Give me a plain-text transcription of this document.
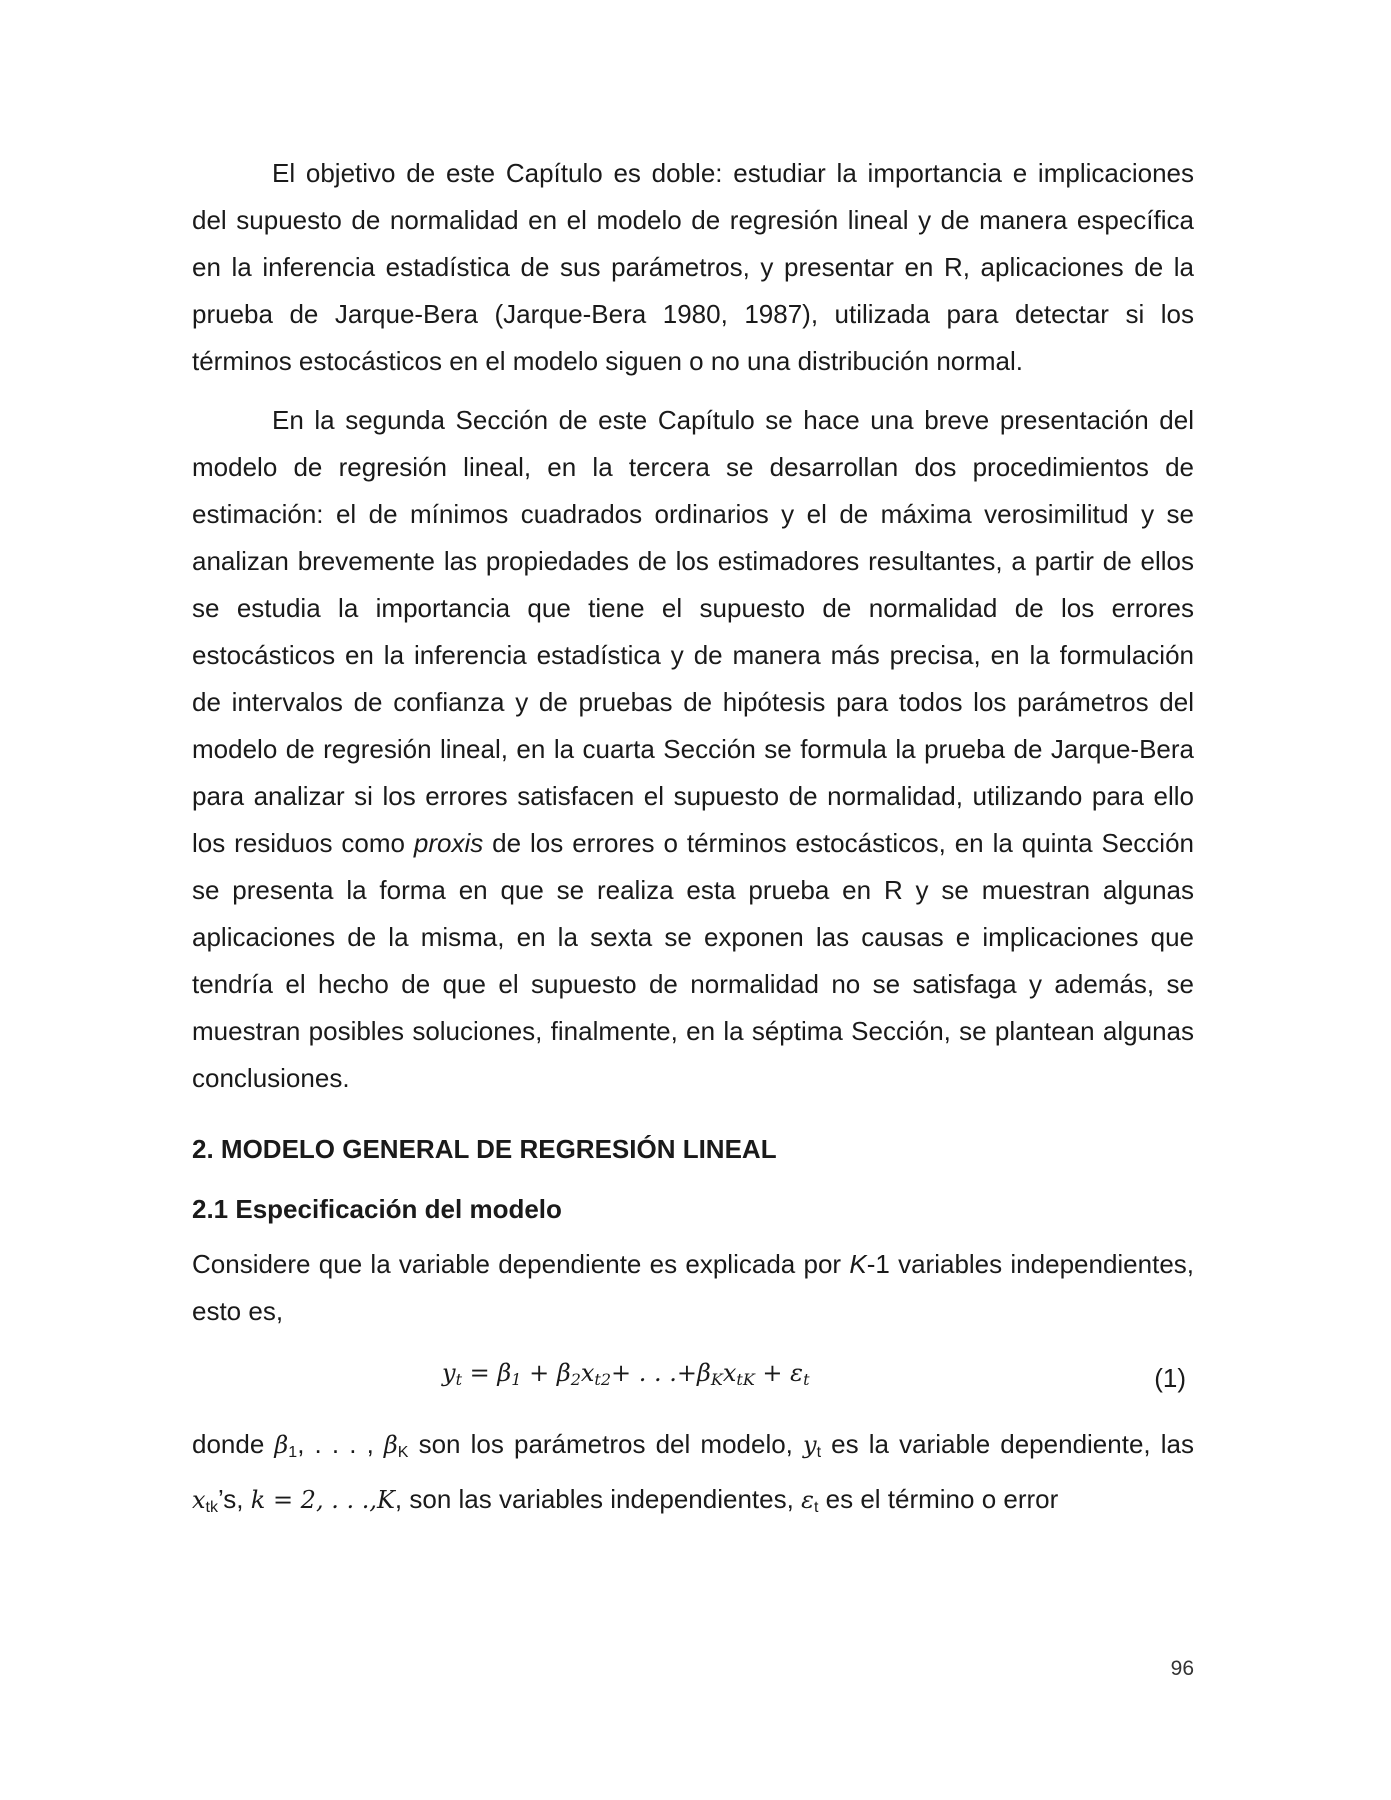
El objetivo de este Capítulo es doble: estudiar la importancia e implicaciones del supuesto de normalidad en el modelo de regresión lineal y de manera específica en la inferencia estadística de sus parámetros, y presentar en R, aplicaciones de la prueba de Jarque-Bera (Jarque-Bera 1980, 1987), utilizada para detectar si los términos estocásticos en el modelo siguen o no una distribución normal.

En la segunda Sección de este Capítulo se hace una breve presentación del modelo de regresión lineal, en la tercera se desarrollan dos procedimientos de estimación: el de mínimos cuadrados ordinarios y el de máxima verosimilitud y se analizan brevemente las propiedades de los estimadores resultantes, a partir de ellos se estudia la importancia que tiene el supuesto de normalidad de los errores estocásticos en la inferencia estadística y de manera más precisa, en la formulación de intervalos de confianza y de pruebas de hipótesis para todos los parámetros del modelo de regresión lineal, en la cuarta Sección se formula la prueba de Jarque-Bera para analizar si los errores satisfacen el supuesto de normalidad, utilizando para ello los residuos como proxis de los errores o términos estocásticos, en la quinta Sección se presenta la forma en que se realiza esta prueba en R y se muestran algunas aplicaciones de la misma, en la sexta se exponen las causas e implicaciones que tendría el hecho de que el supuesto de normalidad no se satisfaga y además, se muestran posibles soluciones, finalmente, en la séptima Sección, se plantean algunas conclusiones.

2. MODELO GENERAL DE REGRESIÓN LINEAL
2.1 Especificación del modelo

Considere que la variable dependiente es explicada por K-1 variables independientes, esto es,

$y_t = \beta_1 + \beta_2x_{t2}+$ . . $.+\beta_Kx_{tK} + \varepsilon_t$	(1)

donde $\beta_1$, . . . , $\beta_K$ son los parámetros del modelo, $y_t$ es la variable dependiente, las $x_{tk}’s$, k = 2, . . .,K, son las variables independientes, $\varepsilon_t$ es el término o error

96
